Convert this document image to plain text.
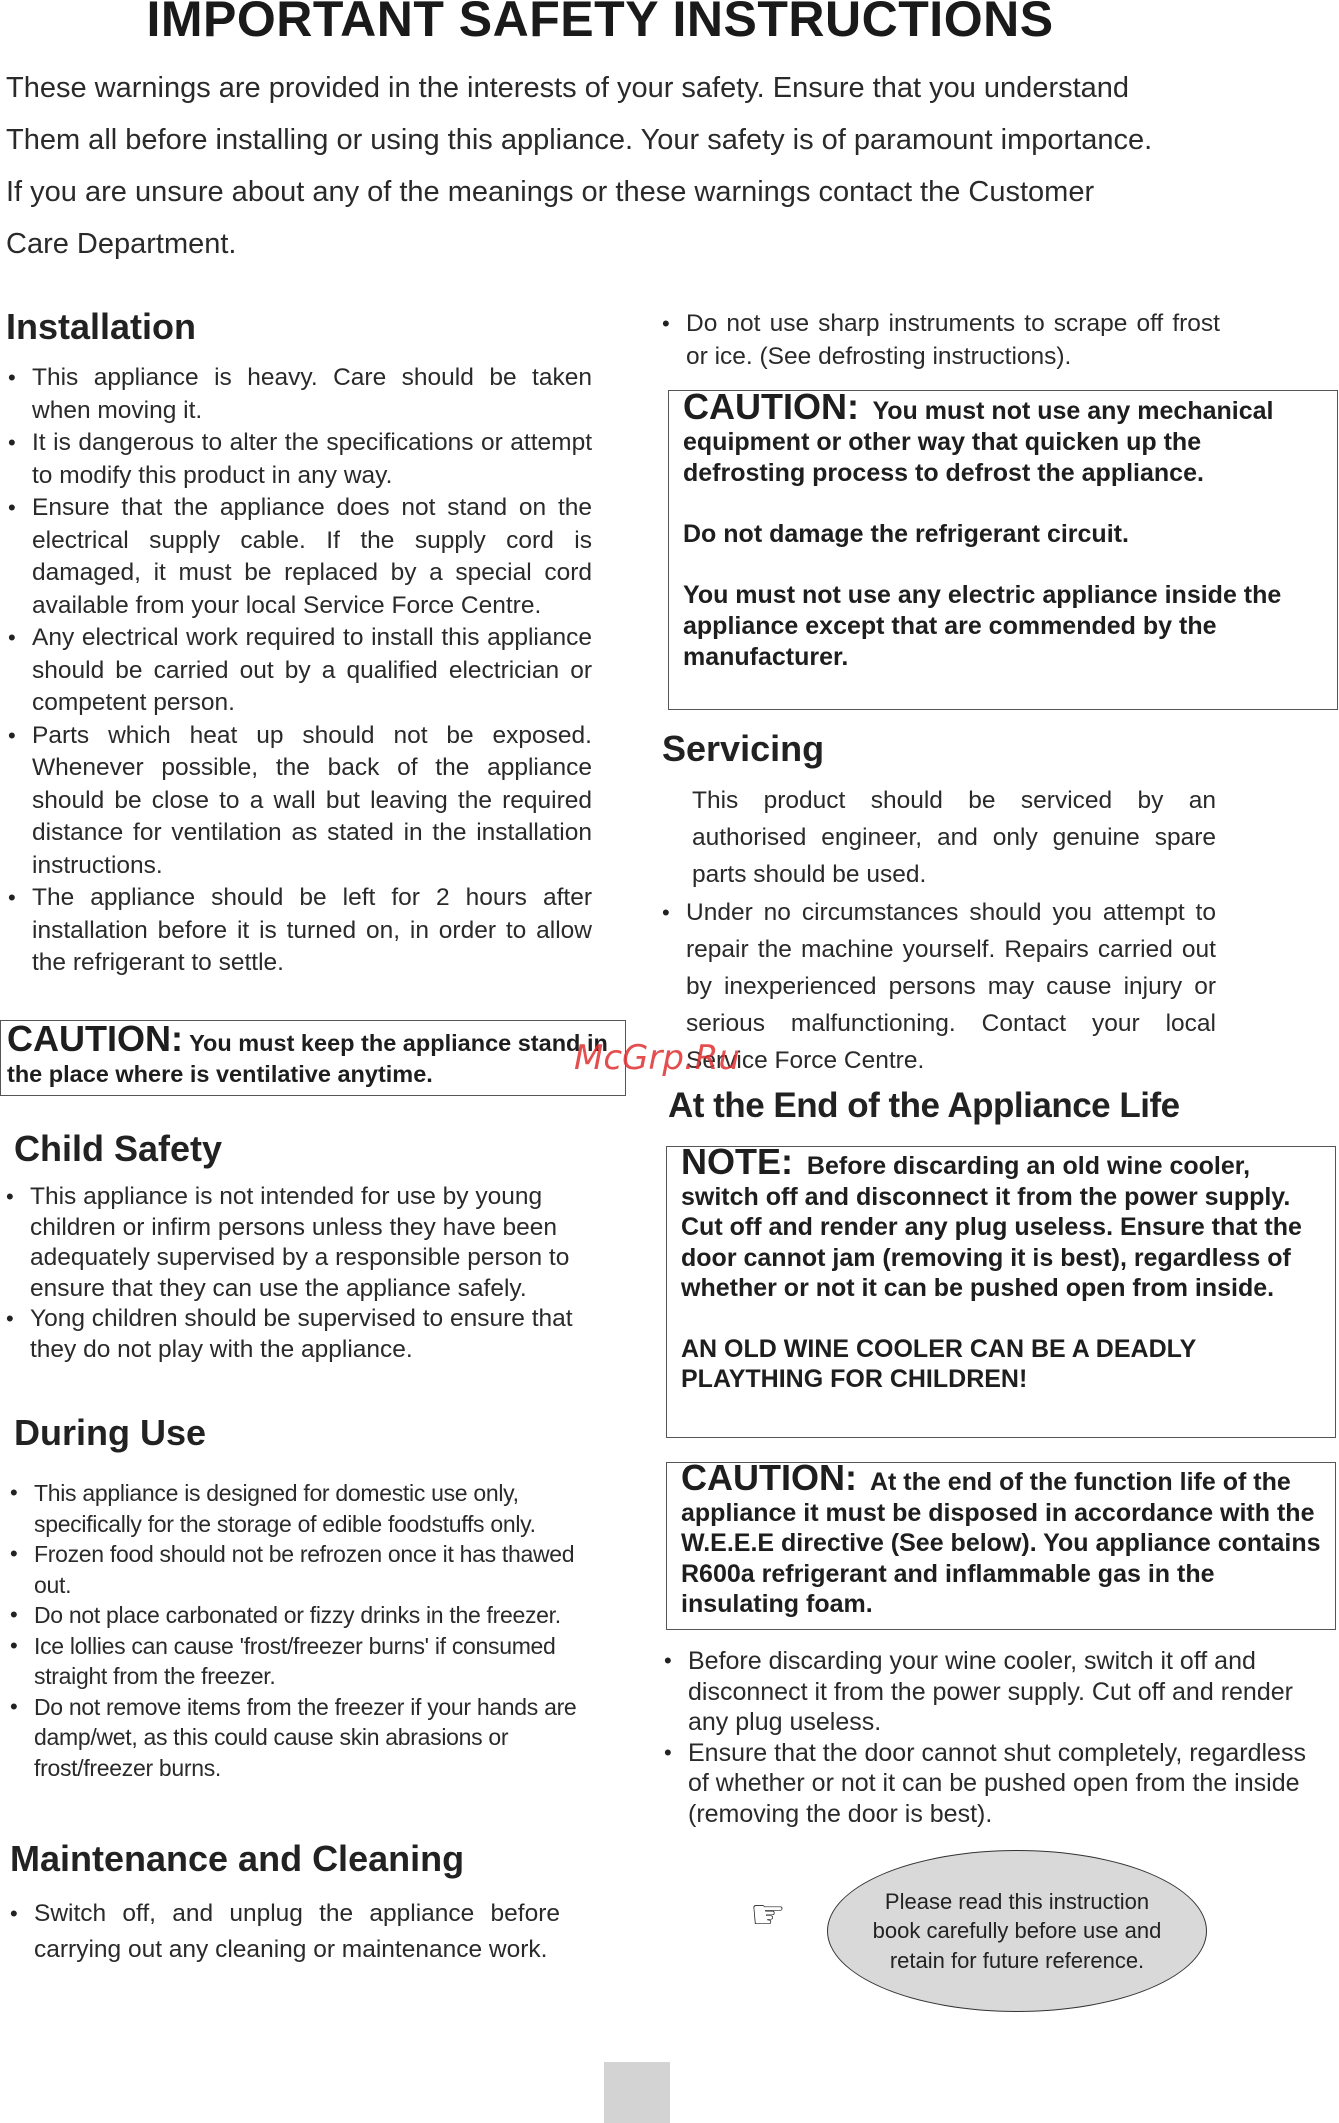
IMPORTANT SAFETY INSTRUCTIONS
These warnings are provided in the interests of your safety. Ensure that you understand
Them all before installing or using this appliance. Your safety is of paramount importance.
If you are unsure about any of the meanings or these warnings contact the Customer
Care Department.
Installation
• This appliance is heavy. Care should be taken when moving it.
• It is dangerous to alter the specifications or attempt to modify this product in any way.
• Ensure that the appliance does not stand on the electrical supply cable. If the supply cord is damaged, it must be replaced by a special cord available from your local Service Force Centre.
• Any electrical work required to install this appliance should be carried out by a qualified electrician or competent person.
• Parts which heat up should not be exposed. Whenever possible, the back of the appliance should be close to a wall but leaving the required distance for ventilation as stated in the installation instructions.
• The appliance should be left for 2 hours after installation before it is turned on, in order to allow the refrigerant to settle.

CAUTION: You must keep the appliance stand in the place where is ventilative anytime.

Child Safety
• This appliance is not intended for use by young children or infirm persons unless they have been adequately supervised by a responsible person to ensure that they can use the appliance safely.
• Yong children should be supervised to ensure that they do not play with the appliance.
During Use
• This appliance is designed for domestic use only, specifically for the storage of edible foodstuffs only.
• Frozen food should not be refrozen once it has thawed out.
• Do not place carbonated or fizzy drinks in the freezer.
• Ice lollies can cause 'frost/freezer burns' if consumed straight from the freezer.
• Do not remove items from the freezer if your hands are damp/wet, as this could cause skin abrasions or frost/freezer burns.
Maintenance and Cleaning
• Switch off, and unplug the appliance before carrying out any cleaning or maintenance work.
• Do not use sharp instruments to scrape off frost or ice. (See defrosting instructions).

CAUTION: You must not use any mechanical equipment or other way that quicken up the defrosting process to defrost the appliance.

Do not damage the refrigerant circuit.

You must not use any electric appliance inside the appliance except that are commended by the manufacturer.

Servicing

This product should be serviced by an authorised engineer, and only genuine spare parts should be used.

• Under no circumstances should you attempt to repair the machine yourself. Repairs carried out by inexperienced persons may cause injury or serious malfunctioning. Contact your local Service Force Centre.
At the End of the Appliance Life

NOTE: Before discarding an old wine cooler, switch off and disconnect it from the power supply. Cut off and render any plug useless. Ensure that the door cannot jam (removing it is best), regardless of whether or not it can be pushed open from inside.

AN OLD WINE COOLER CAN BE A DEADLY PLAYTHING FOR CHILDREN!

CAUTION: At the end of the function life of the appliance it must be disposed in accordance with the W.E.E.E directive (See below). You appliance contains R600a refrigerant and inflammable gas in the insulating foam.

• Before discarding your wine cooler, switch it off and disconnect it from the power supply. Cut off and render any plug useless.
• Ensure that the door cannot shut completely, regardless of whether or not it can be pushed open from the inside (removing the door is best).
☞	Please read this instruction book carefully before use and retain for future reference.
McGrp.Ru
